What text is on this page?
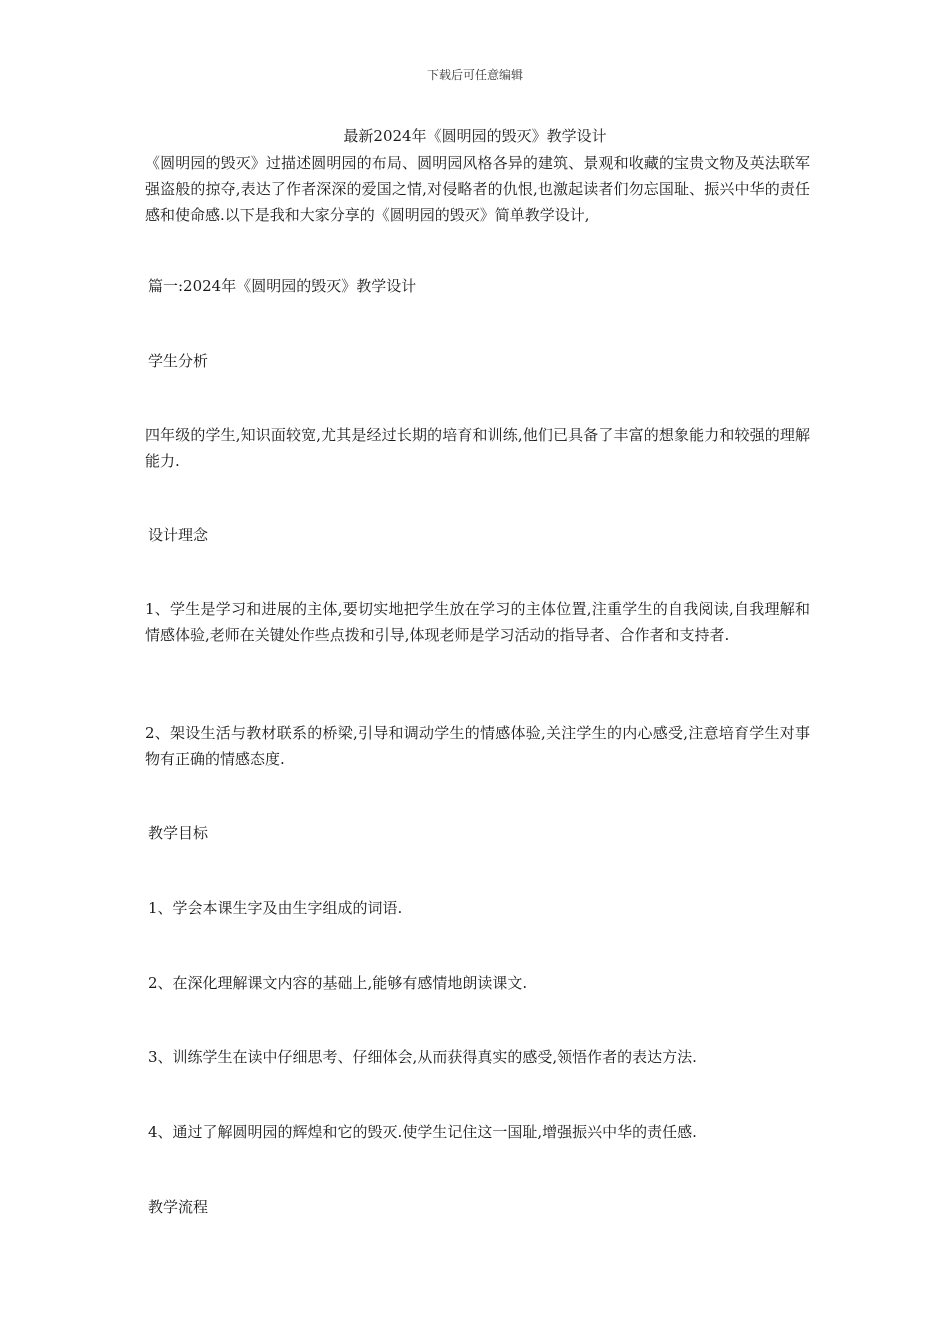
下载后可任意编辑
最新2024年《圆明园的毁灭》教学设计
《圆明园的毁灭》过描述圆明园的布局、圆明园风格各异的建筑、景观和收藏的宝贵文物及英法联军强盗般的掠夺,表达了作者深深的爱国之情,对侵略者的仇恨,也激起读者们勿忘国耻、振兴中华的责任感和使命感.以下是我和大家分享的《圆明园的毁灭》简单教学设计,
篇一:2024年《圆明园的毁灭》教学设计
学生分析
四年级的学生,知识面较宽,尤其是经过长期的培育和训练,他们已具备了丰富的想象能力和较强的理解能力.
设计理念
1、学生是学习和进展的主体,要切实地把学生放在学习的主体位置,注重学生的自我阅读,自我理解和情感体验,老师在关键处作些点拨和引导,体现老师是学习活动的指导者、合作者和支持者.
2、架设生活与教材联系的桥梁,引导和调动学生的情感体验,关注学生的内心感受,注意培育学生对事物有正确的情感态度.
教学目标
1、学会本课生字及由生字组成的词语.
2、在深化理解课文内容的基础上,能够有感情地朗读课文.
3、训练学生在读中仔细思考、仔细体会,从而获得真实的感受,领悟作者的表达方法.
4、通过了解圆明园的辉煌和它的毁灭.使学生记住这一国耻,增强振兴中华的责任感.
教学流程
